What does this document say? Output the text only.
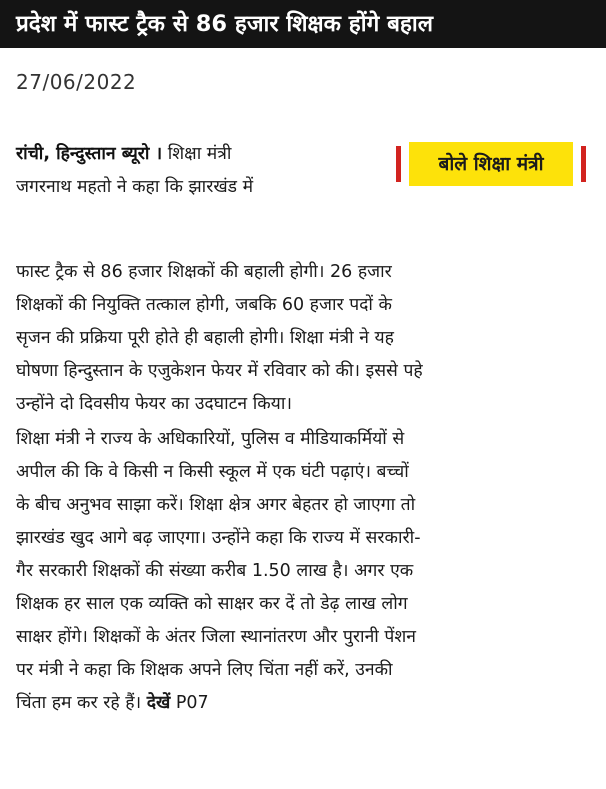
प्रदेश में फास्ट ट्रैक से 86 हजार शिक्षक होंगे बहाल
27/06/2022
रांची, हिन्दुस्तान ब्यूरो । शिक्षा मंत्री
जगरनाथ महतो ने कहा कि झारखंड में
बोले शिक्षा मंत्री
फास्ट ट्रैक से 86 हजार शिक्षकों की बहाली होगी। 26 हजार
शिक्षकों की नियुक्ति तत्काल होगी, जबकि 60 हजार पदों के
सृजन की प्रक्रिया पूरी होते ही बहाली होगी। शिक्षा मंत्री ने यह
घोषणा हिन्दुस्तान के एजुकेशन फेयर में रविवार को की। इससे पहे
उन्होंने दो दिवसीय फेयर का उदघाटन किया।
शिक्षा मंत्री ने राज्य के अधिकारियों, पुलिस व मीडियाकर्मियों से
अपील की कि वे किसी न किसी स्कूल में एक घंटी पढ़ाएं। बच्चों
के बीच अनुभव साझा करें। शिक्षा क्षेत्र अगर बेहतर हो जाएगा तो
झारखंड खुद आगे बढ़ जाएगा। उन्होंने कहा कि राज्य में सरकारी-
गैर सरकारी शिक्षकों की संख्या करीब 1.50 लाख है। अगर एक
शिक्षक हर साल एक व्यक्ति को साक्षर कर दें तो डेढ़ लाख लोग
साक्षर होंगे। शिक्षकों के अंतर जिला स्थानांतरण और पुरानी पेंशन
पर मंत्री ने कहा कि शिक्षक अपने लिए चिंता नहीं करें, उनकी
चिंता हम कर रहे हैं। देखें P07
